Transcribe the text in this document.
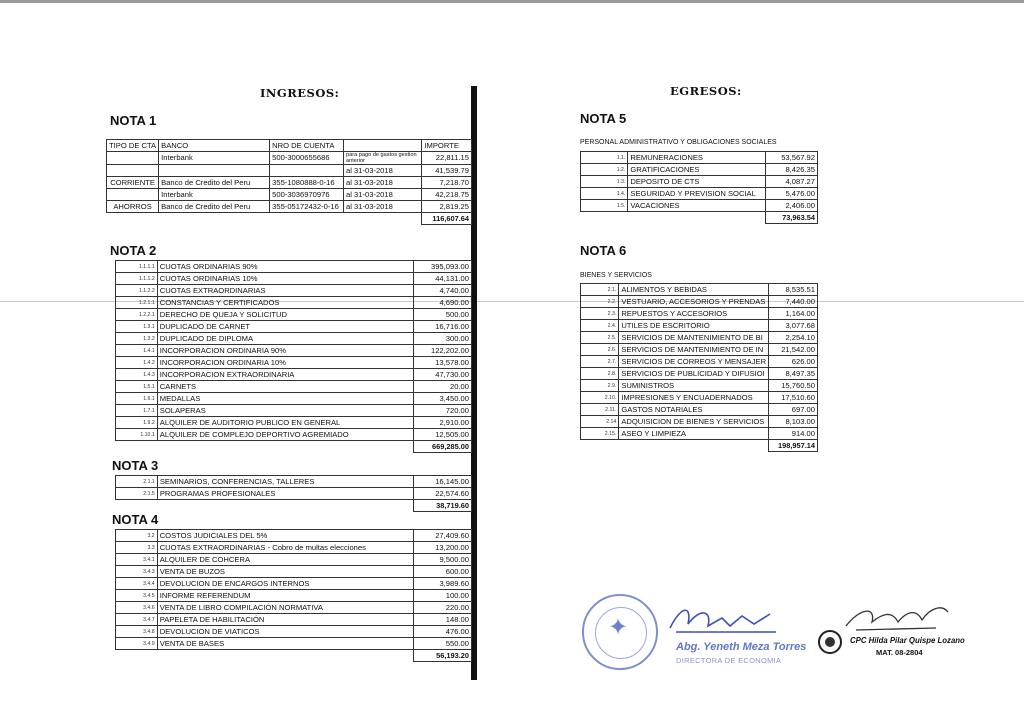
INGRESOS:
NOTA 1
TIPO DE CTA	BANCO	NRO DE CUENTA		IMPORTE
	Interbank	500-3000655686	para pago de gastos gestion anterior	22,811.15
			al 31-03-2018	41,539.79
CORRIENTE	Banco de Credito del Peru	355-1080888-0-16	al 31-03-2018	7,218.70
	Interbank	500-3036970976	al 31-03-2018	42,218.75
AHORROS	Banco de Credito del Peru	355-05172432-0-16	al 31-03-2018	2,819.25
				116,607.64
NOTA 2
1.1.1.1	CUOTAS ORDINARIAS 90%	395,093.00
1.1.1.2	CUOTAS ORDINARIAS 10%	44,131.00
1.1.2.2	CUOTAS EXTRAORDINARIAS	4,740.00
1.2.1.1	CONSTANCIAS Y CERTIFICADOS	4,690.00
1.2.2.1	DERECHO DE QUEJA Y SOLICITUD	500.00
1.3.1	DUPLICADO DE CARNET	16,716.00
1.3.2	DUPLICADO DE DIPLOMA	300.00
1.4.1	INCORPORACION ORDINARIA 90%	122,202.00
1.4.2	INCORPORACION ORDINARIA 10%	13,578.00
1.4.3	INCORPORACION EXTRAORDINARIA	47,730.00
1.5.1	CARNETS	20.00
1.6.1	MEDALLAS	3,450.00
1.7.1	SOLAPERAS	720.00
1.9.2	ALQUILER DE AUDITORIO PUBLICO EN GENERAL	2,910.00
1.10.1	ALQUILER DE COMPLEJO DEPORTIVO AGREMIADO	12,505.00
		669,285.00
NOTA 3
2.1.1	SEMINARIOS, CONFERENCIAS, TALLERES	16,145.00
2.1.5	PROGRAMAS PROFESIONALES	22,574.60
		38,719.60
NOTA 4
3.2	COSTOS JUDICIALES DEL 5%	27,409.60
3.3	CUOTAS EXTRAORDINARIAS - Cobro de multas elecciones	13,200.00
3.4.1	ALQUILER DE COHCERA	9,500.00
3.4.3	VENTA DE BUZOS	600.00
3.4.4	DEVOLUCION DE ENCARGOS INTERNOS	3,989.60
3.4.5	INFORME REFERENDUM	100.00
3.4.6	VENTA DE LIBRO COMPILACIÓN NORMATIVA	220.00
3.4.7	PAPELETA DE HABILITACIÓN	148.00
3.4.8	DEVOLUCION DE VIATICOS	476.00
3.4.9	VENTA DE BASES	550.00
		56,193.20
EGRESOS:
NOTA 5
PERSONAL ADMINISTRATIVO Y OBLIGACIONES SOCIALES
1.1.	REMUNERACIONES	53,567.92
1.2.	GRATIFICACIONES	8,426.35
1.3.	DEPOSITO DE CTS	4,087.27
1.4.	SEGURIDAD Y PREVISION SOCIAL	5,476.00
1.5.	VACACIONES	2,406.00
		73,963.54
NOTA 6
BIENES Y SERVICIOS
2.1.	ALIMENTOS Y BEBIDAS	8,535.51
2.2.	VESTUARIO, ACCESORIOS Y PRENDAS	7,440.00
2.3.	REPUESTOS Y ACCESORIOS	1,164.00
2.4.	UTILES DE ESCRITORIO	3,077.68
2.5.	SERVICIOS DE MANTENIMIENTO DE BI	2,254.10
2.6.	SERVICIOS DE MANTENIMIENTO DE IN	21,542.00
2.7.	SERVICIOS DE CORREOS Y MENSAJER	626.00
2.8.	SERVICIOS DE PUBLICIDAD Y DIFUSIOI	8,497.35
2.9.	SUMINISTROS	15,760.50
2.10.	IMPRESIONES Y ENCUADERNADOS	17,510.60
2.11.	GASTOS NOTARIALES	697.00
2.14	ADQUISICION DE BIENES Y SERVICIOS	8,103.00
2.15.	ASEO Y LIMPIEZA	914.00
		198,957.14
✦
Abg. Yeneth Meza Torres
DIRECTORA DE ECONOMIA
CPC Hilda Pilar Quispe Lozano
MAT. 08-2804
